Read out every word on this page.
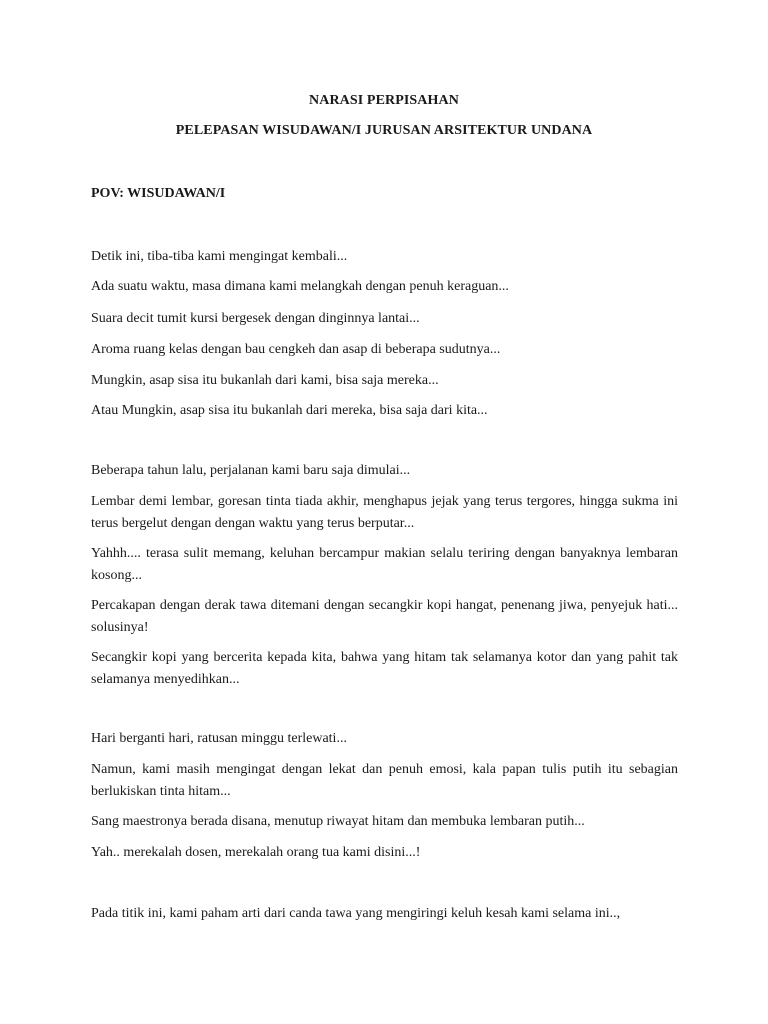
NARASI PERPISAHAN
PELEPASAN WISUDAWAN/I JURUSAN ARSITEKTUR UNDANA
POV: WISUDAWAN/I
Detik ini, tiba-tiba kami mengingat kembali...
Ada suatu waktu, masa dimana kami melangkah dengan penuh keraguan...
Suara decit tumit kursi bergesek dengan dinginnya lantai...
Aroma ruang kelas dengan bau cengkeh dan asap di beberapa sudutnya...
Mungkin, asap sisa itu bukanlah dari kami, bisa saja mereka...
Atau Mungkin, asap sisa itu bukanlah dari mereka, bisa saja dari kita...
Beberapa tahun lalu, perjalanan kami baru saja dimulai...
Lembar demi lembar, goresan tinta tiada akhir, menghapus jejak yang terus tergores, hingga sukma ini terus bergelut dengan dengan waktu yang terus berputar...
Yahhh.... terasa sulit memang, keluhan bercampur makian selalu teriring dengan banyaknya lembaran kosong...
Percakapan dengan derak tawa ditemani dengan secangkir kopi hangat, penenang jiwa, penyejuk hati... solusinya!
Secangkir kopi yang bercerita kepada kita, bahwa yang hitam tak selamanya kotor dan yang pahit tak selamanya menyedihkan...
Hari berganti hari, ratusan minggu terlewati...
Namun, kami masih mengingat dengan lekat dan penuh emosi, kala papan tulis putih itu sebagian berlukiskan tinta hitam...
Sang maestronya berada disana, menutup riwayat hitam dan membuka lembaran putih...
Yah.. merekalah dosen, merekalah orang tua kami disini...!
Pada titik ini, kami paham arti dari canda tawa yang mengiringi keluh kesah kami selama ini..,
